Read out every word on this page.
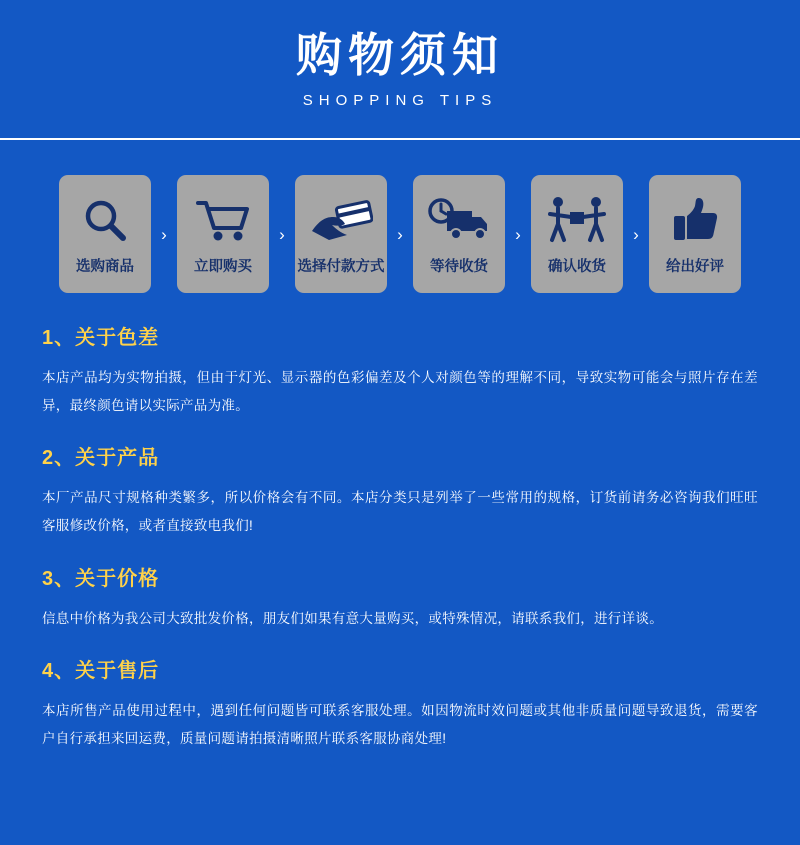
购物须知
SHOPPING TIPS
选购商品
›
立即购买
›
选择付款方式
›
等待收货
›
确认收货
›
给出好评
1、关于色差
本店产品均为实物拍摄，但由于灯光、显示器的色彩偏差及个人对颜色等的理解不同，导致实物可能会与照片存在差异，最终颜色请以实际产品为准。
2、关于产品
本厂产品尺寸规格种类繁多，所以价格会有不同。本店分类只是列举了一些常用的规格，订货前请务必咨询我们旺旺客服修改价格，或者直接致电我们!
3、关于价格
信息中价格为我公司大致批发价格，朋友们如果有意大量购买，或特殊情况，请联系我们，进行详谈。
4、关于售后
本店所售产品使用过程中，遇到任何问题皆可联系客服处理。如因物流时效问题或其他非质量问题导致退货，需要客户自行承担来回运费，质量问题请拍摄清晰照片联系客服协商处理!
